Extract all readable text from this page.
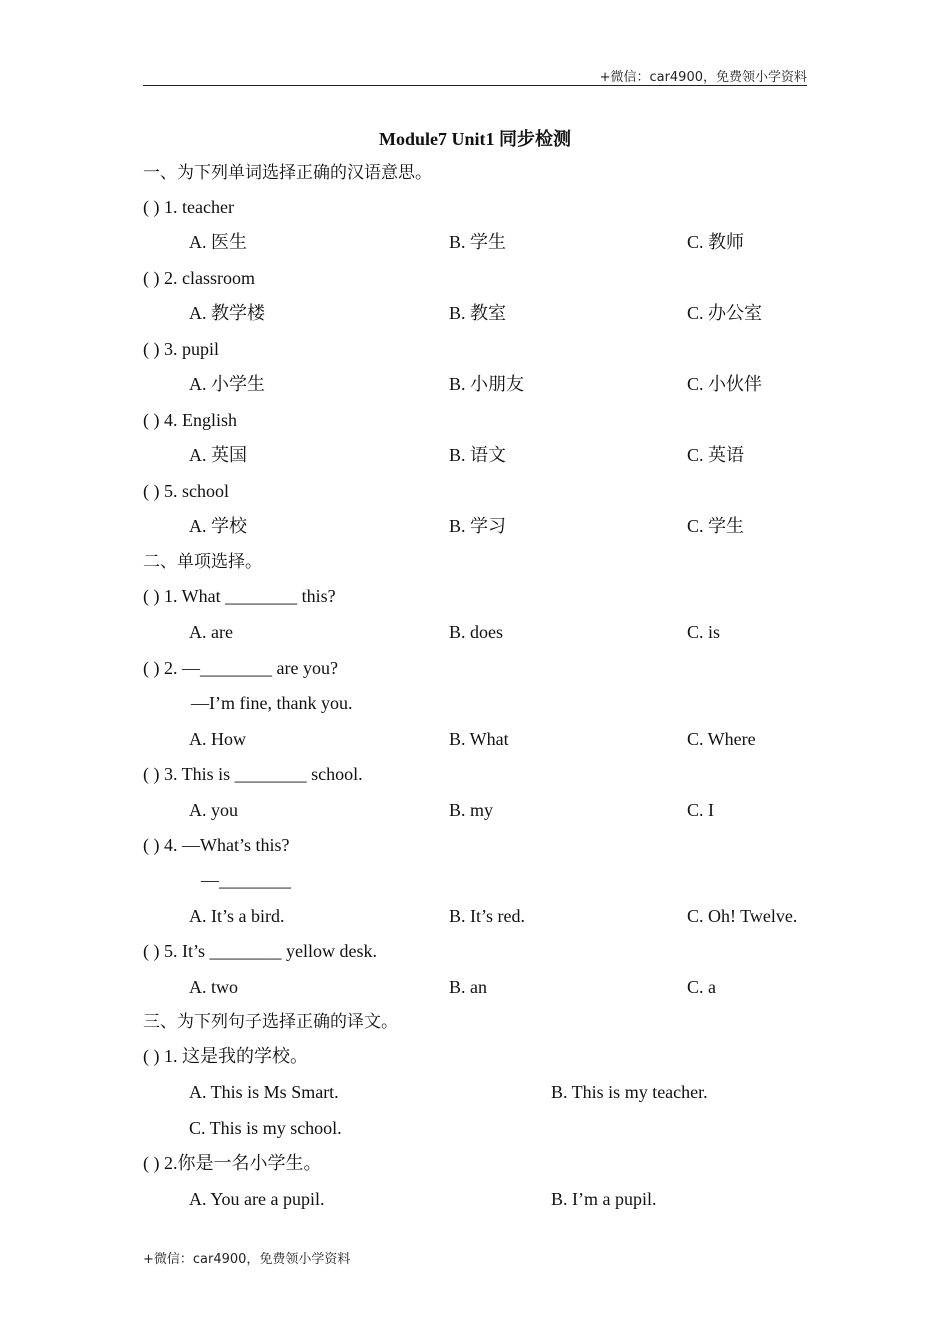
+微信：car4900，免费领小学资料
Module7 Unit1 同步检测
一、为下列单词选择正确的汉语意思。
( ) 1. teacher
A. 医生	B. 学生	C. 教师
( ) 2. classroom
A. 教学楼	B. 教室	C. 办公室
( ) 3. pupil
A. 小学生	B. 小朋友	C. 小伙伴
( ) 4. English
A. 英国	B. 语文	C. 英语
( ) 5. school
A. 学校	B. 学习	C. 学生
二、单项选择。
( ) 1. What ________ this?
A. are	B. does	C. is
( ) 2. —________ are you?
—I’m fine, thank you.
A. How	B. What	C. Where
( ) 3. This is ________ school.
A. you	B. my	C. I
( ) 4. —What’s this?
—________
A. It’s a bird.	B. It’s red.	C. Oh! Twelve.
( ) 5. It’s ________ yellow desk.
A. two	B. an	C. a
三、为下列句子选择正确的译文。
( ) 1. 这是我的学校。
A. This is Ms Smart.	B. This is my teacher.
C. This is my school.
( ) 2.你是一名小学生。
A. You are a pupil.	B. I’m a pupil.
+微信：car4900，免费领小学资料
